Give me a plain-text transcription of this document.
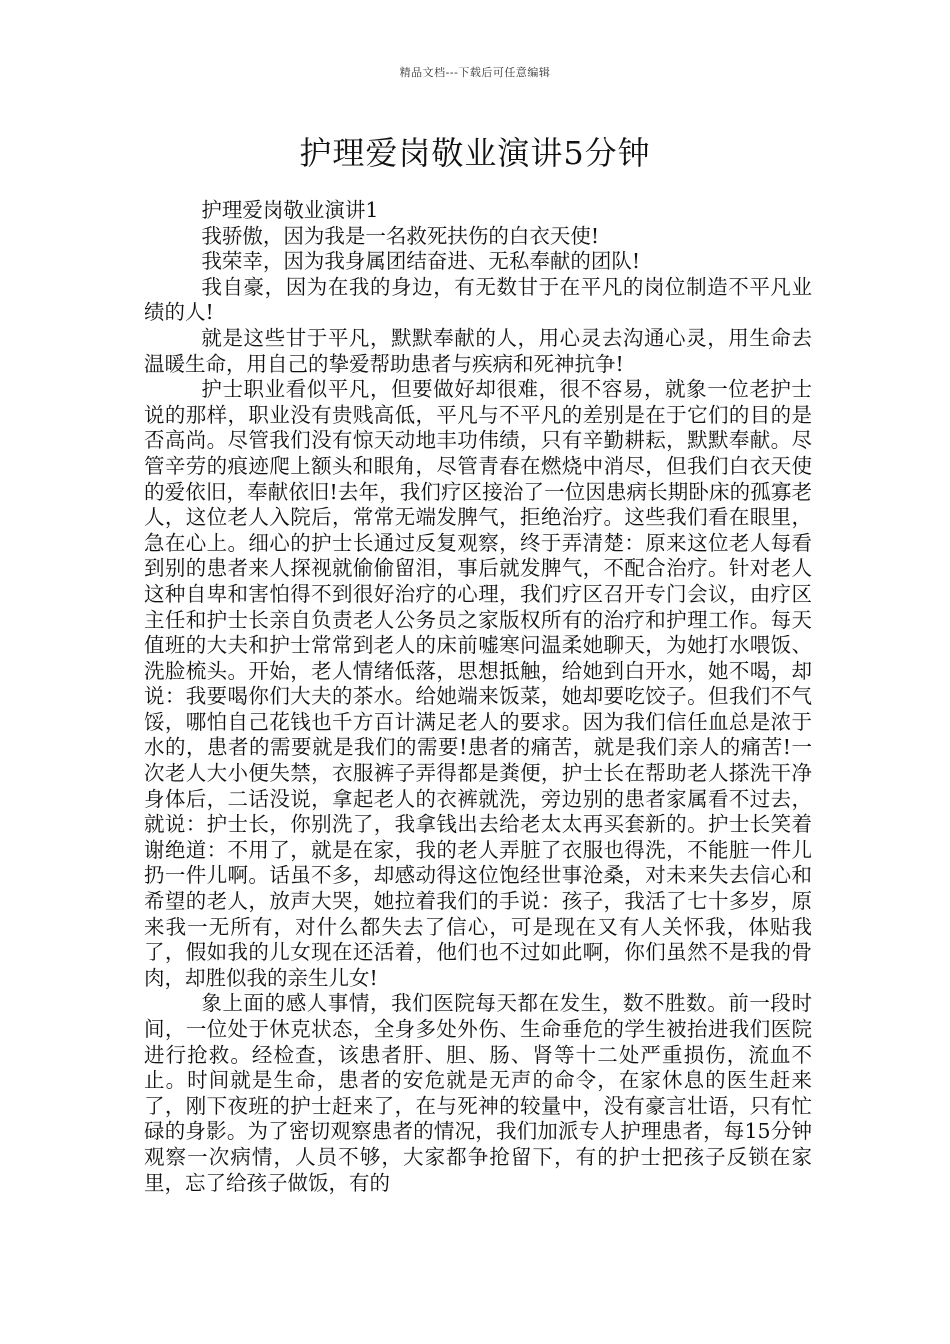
精品文档---下载后可任意编辑
护理爱岗敬业演讲5分钟

护理爱岗敬业演讲1

我骄傲，因为我是一名救死扶伤的白衣天使!

我荣幸，因为我身属团结奋进、无私奉献的团队!

我自豪，因为在我的身边，有无数甘于在平凡的岗位制造不平凡业绩的人!

就是这些甘于平凡，默默奉献的人，用心灵去沟通心灵，用生命去温暖生命，用自己的挚爱帮助患者与疾病和死神抗争!

护士职业看似平凡，但要做好却很难，很不容易，就象一位老护士说的那样，职业没有贵贱高低，平凡与不平凡的差别是在于它们的目的是否高尚。尽管我们没有惊天动地丰功伟绩，只有辛勤耕耘，默默奉献。尽管辛劳的痕迹爬上额头和眼角，尽管青春在燃烧中消尽，但我们白衣天使的爱依旧，奉献依旧!去年，我们疗区接治了一位因患病长期卧床的孤寡老人，这位老人入院后，常常无端发脾气，拒绝治疗。这些我们看在眼里，急在心上。细心的护士长通过反复观察，终于弄清楚：原来这位老人每看到别的患者来人探视就偷偷留泪，事后就发脾气，不配合治疗。针对老人这种自卑和害怕得不到很好治疗的心理，我们疗区召开专门会议，由疗区主任和护士长亲自负责老人公务员之家版权所有的治疗和护理工作。每天值班的大夫和护士常常到老人的床前嘘寒问温柔她聊天，为她打水喂饭、洗脸梳头。开始，老人情绪低落，思想抵触，给她到白开水，她不喝，却说：我要喝你们大夫的茶水。给她端来饭菜，她却要吃饺子。但我们不气馁，哪怕自己花钱也千方百计满足老人的要求。因为我们信任血总是浓于水的，患者的需要就是我们的需要!患者的痛苦，就是我们亲人的痛苦!一次老人大小便失禁，衣服裤子弄得都是粪便，护士长在帮助老人搽洗干净身体后，二话没说，拿起老人的衣裤就洗，旁边别的患者家属看不过去，就说：护士长，你别洗了，我拿钱出去给老太太再买套新的。护士长笑着谢绝道：不用了，就是在家，我的老人弄脏了衣服也得洗，不能脏一件儿扔一件儿啊。话虽不多，却感动得这位饱经世事沧桑，对未来失去信心和希望的老人，放声大哭，她拉着我们的手说：孩子，我活了七十多岁，原来我一无所有，对什么都失去了信心，可是现在又有人关怀我，体贴我了，假如我的儿女现在还活着，他们也不过如此啊，你们虽然不是我的骨肉，却胜似我的亲生儿女!

象上面的感人事情，我们医院每天都在发生，数不胜数。前一段时间，一位处于休克状态，全身多处外伤、生命垂危的学生被抬进我们医院进行抢救。经检查，该患者肝、胆、肠、肾等十二处严重损伤，流血不止。时间就是生命，患者的安危就是无声的命令，在家休息的医生赶来了，刚下夜班的护士赶来了，在与死神的较量中，没有豪言壮语，只有忙碌的身影。为了密切观察患者的情况，我们加派专人护理患者，每15分钟观察一次病情，人员不够，大家都争抢留下，有的护士把孩子反锁在家里，忘了给孩子做饭，有的
